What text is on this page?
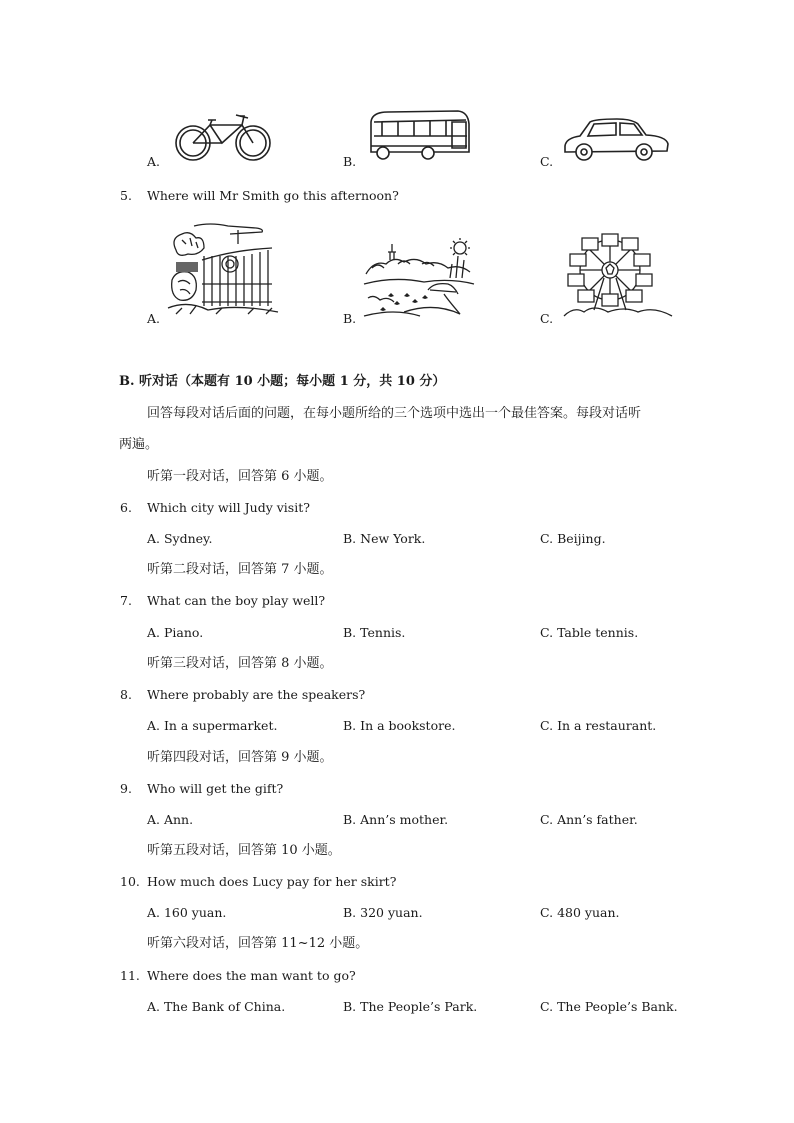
A.	B.	C.
5. Where will Mr Smith go this afternoon?
A.	B.	C.
B. 听对话（本题有 10 小题；每小题 1 分，共 10 分）
回答每段对话后面的问题，在每小题所给的三个选项中选出一个最佳答案。每段对话听
两遍。
听第一段对话，回答第 6 小题。
6. Which city will Judy visit?
A. Sydney.	B. New York.	C. Beijing.
听第二段对话，回答第 7 小题。
7. What can the boy play well?
A. Piano.	B. Tennis.	C. Table tennis.
听第三段对话，回答第 8 小题。
8. Where probably are the speakers?
A. In a supermarket.	B. In a bookstore.	C. In a restaurant.
听第四段对话，回答第 9 小题。
9. Who will get the gift?
A. Ann.	B. Ann’s mother.	C. Ann’s father.
听第五段对话，回答第 10 小题。
10. How much does Lucy pay for her skirt?
A. 160 yuan.	B. 320 yuan.	C. 480 yuan.
听第六段对话，回答第 11~12 小题。
11. Where does the man want to go?
A. The Bank of China.	B. The People’s Park.	C. The People’s Bank.
